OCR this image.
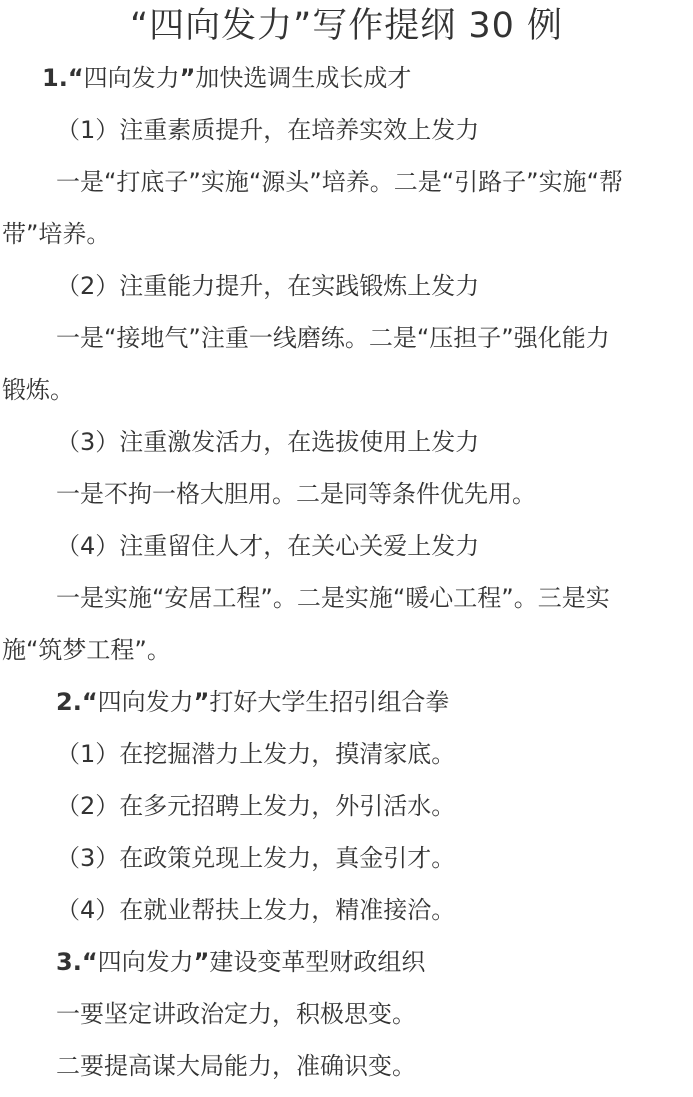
“四向发力”写作提纲 30 例
1.“四向发力”加快选调生成长成才
（1）注重素质提升，在培养实效上发力
一是“打底子”实施“源头”培养。二是“引路子”实施“帮
带”培养。
（2）注重能力提升，在实践锻炼上发力
一是“接地气”注重一线磨练。二是“压担子”强化能力
锻炼。
（3）注重激发活力，在选拔使用上发力
一是不拘一格大胆用。二是同等条件优先用。
（4）注重留住人才，在关心关爱上发力
一是实施“安居工程”。二是实施“暖心工程”。三是实
施“筑梦工程”。
2.“四向发力”打好大学生招引组合拳
（1）在挖掘潜力上发力，摸清家底。
（2）在多元招聘上发力，外引活水。
（3）在政策兑现上发力，真金引才。
（4）在就业帮扶上发力，精准接洽。
3.“四向发力”建设变革型财政组织
一要坚定讲政治定力，积极思变。
二要提高谋大局能力，准确识变。
